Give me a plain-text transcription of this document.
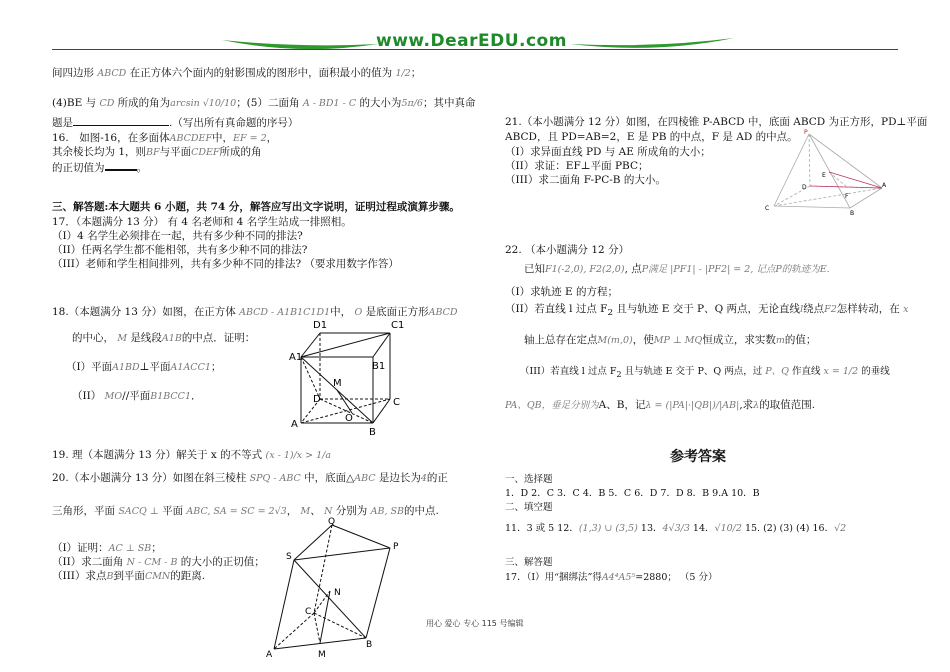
www.DearEDU.com
间四边形 ABCD 在正方体六个面内的射影围成的图形中，面积最小的值为 1/2；
(4)BE 与 CD 所成的角为arcsin √10/10；(5）二面角 A - BD1 - C 的大小为5π/6；其中真命
题是	.（写出所有真命题的序号）
16.　如图-16，在多面体ABCDEF中，EF = 2，
其余棱长均为 1，则BF与平面CDEF所成的角
的正切值为	。
三、解答题:本大题共 6 小题，共 74 分，解答应写出文字说明，证明过程或演算步骤。
17．（本题满分 13 分） 有 4 名老师和 4 名学生站成一排照相。
（I）4 名学生必须排在一起，共有多少种不同的排法?
（II）任两名学生都不能相邻，共有多少种不同的排法?
（III）老师和学生相间排列，共有多少种不同的排法? （要求用数字作答）
18.（本题满分 13 分）如图，在正方体 ABCD - A1B1C1D1中， O 是底面正方形ABCD
的中心， M 是线段A1B的中点．证明：
（I）平面A1BD⊥平面A1ACC1；
（II） MO//平面B1BCC1．
D1	C1
A1
B1
M
D	C
O
A
B
19. 理（本题满分 13 分）解关于 x 的不等式 (x - 1)/x > 1/a
20.（本小题满分 13 分）如图在斜三棱柱 SPQ - ABC 中，底面△ABC 是边长为4的正
三角形，平面 SACQ ⊥ 平面 ABC, SA = SC = 2√3， M、 N 分别为 AB, SB的中点.
（I）证明：AC ⊥ SB；
（II）求二面角 N - CM - B 的大小的正切值；
（III）求点B到平面CMN的距离.
Q
S
P
N
C
A	M
B
21.（本小题满分 12 分）如图，在四棱锥 P-ABCD 中，底面 ABCD 为正方形，PD⊥平面
ABCD，且 PD=AB=2，E 是 PB 的中点，F 是 AD 的中点。
（I）求异面直线 PD 与 AE 所成角的大小；
（II）求证：EF⊥平面 PBC；
（III）求二面角 F-PC-B 的大小。
P
E
D
F
A
C
B
22. （本小题满分 12 分）
已知F1(-2,0), F2(2,0), 点P满足 |PF1| - |PF2| = 2, 记点P的轨迹为E.
（I）求轨迹 E 的方程；
（II）若直线 l 过点 $F_2$ 且与轨迹 E 交于 P、Q 两点，无论直线l绕点F2怎样转动，在 x
轴上总存在定点M(m,0)，使MP ⊥ MQ恒成立，求实数m的值；
（III）若直线 l 过点 $F_2$ 且与轨迹 E 交于 P、Q 两点，过 P、Q 作直线 x = 1/2 的垂线
PA、QB，垂足分别为A、B，记λ = (|PA|·|QB|)/|AB|,求λ的取值范围.
参考答案
一、选择题
1．D 2．C 3．C 4．B 5．C 6．D 7．D 8．B 9.A 10．B
二、填空题
11．3 或 5 12．(1,3) ∪ (3,5) 13．4√3/3 14．√10/2 15. (2) (3) (4) 16．√2
三、解答题
17．（I）用“捆绑法”得A4⁴A5⁵=2880； （5 分）
用心 爱心 专心 115 号编辑
